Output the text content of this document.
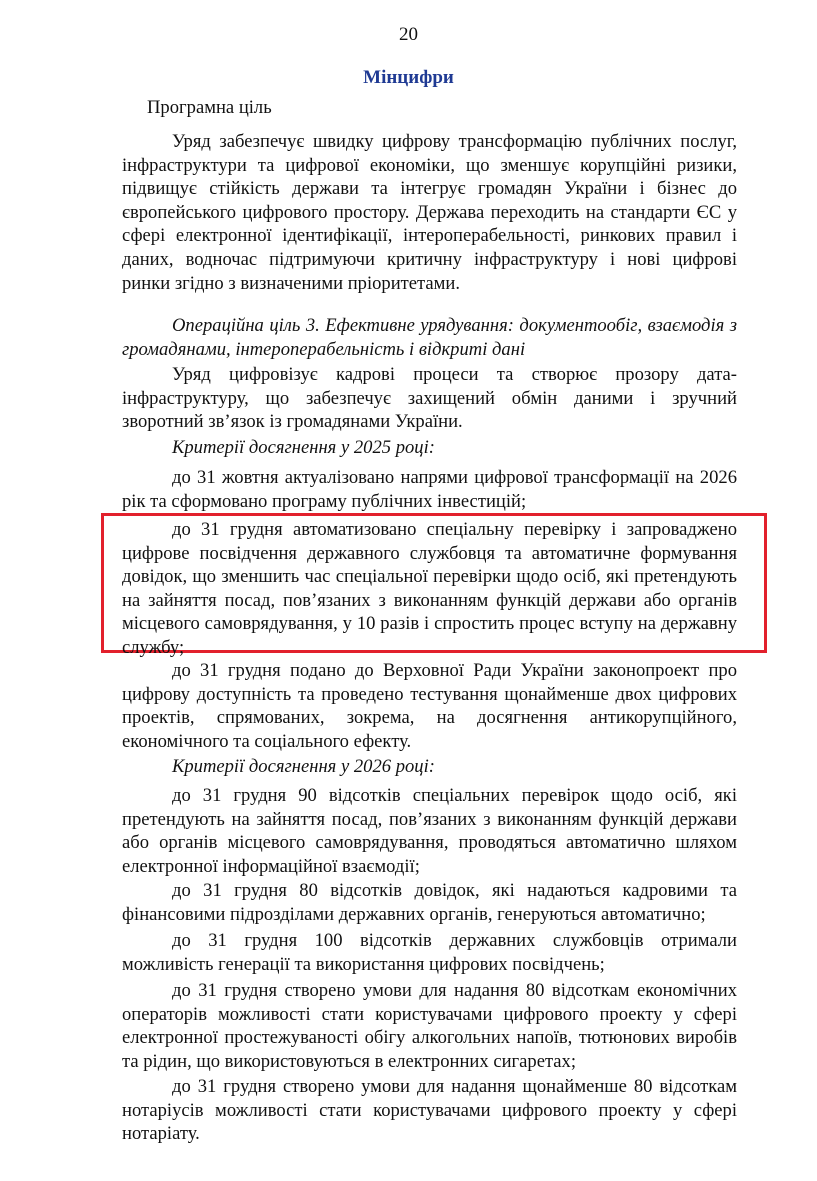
20
Мінцифри

Програмна ціль

Уряд забезпечує швидку цифрову трансформацію публічних послуг, інфраструктури та цифрової економіки, що зменшує корупційні ризики, підвищує стійкість держави та інтегрує громадян України і бізнес до європейського цифрового простору. Держава переходить на стандарти ЄС у сфері електронної ідентифікації, інтероперабельності, ринкових правил і даних, водночас підтримуючи критичну інфраструктуру і нові цифрові ринки згідно з визначеними пріоритетами.

Операційна ціль 3. Ефективне урядування: документообіг, взаємодія з громадянами, інтероперабельність і відкриті дані

Уряд цифровізує кадрові процеси та створює прозору дата-інфраструктуру, що забезпечує захищений обмін даними і зручний зворотний зв’язок із громадянами України.

Критерії досягнення у 2025 році:

до 31 жовтня актуалізовано напрями цифрової трансформації на 2026 рік та сформовано програму публічних інвестицій;

до 31 грудня автоматизовано спеціальну перевірку і запроваджено цифрове посвідчення державного службовця та автоматичне формування довідок, що зменшить час спеціальної перевірки щодо осіб, які претендують на зайняття посад, пов’язаних з виконанням функцій держави або органів місцевого самоврядування, у 10 разів і спростить процес вступу на державну службу;

до 31 грудня подано до Верховної Ради України законопроект про цифрову доступність та проведено тестування щонайменше двох цифрових проектів, спрямованих, зокрема, на досягнення антикорупційного, економічного та соціального ефекту.

Критерії досягнення у 2026 році:

до 31 грудня 90 відсотків спеціальних перевірок щодо осіб, які претендують на зайняття посад, пов’язаних з виконанням функцій держави або органів місцевого самоврядування, проводяться автоматично шляхом електронної інформаційної взаємодії;

до 31 грудня 80 відсотків довідок, які надаються кадровими та фінансовими підрозділами державних органів, генеруються автоматично;

до 31 грудня 100 відсотків державних службовців отримали можливість генерації та використання цифрових посвідчень;

до 31 грудня створено умови для надання 80 відсоткам економічних операторів можливості стати користувачами цифрового проекту у сфері електронної простежуваності обігу алкогольних напоїв, тютюнових виробів та рідин, що використовуються в електронних сигаретах;

до 31 грудня створено умови для надання щонайменше 80 відсоткам нотаріусів можливості стати користувачами цифрового проекту у сфері нотаріату.
